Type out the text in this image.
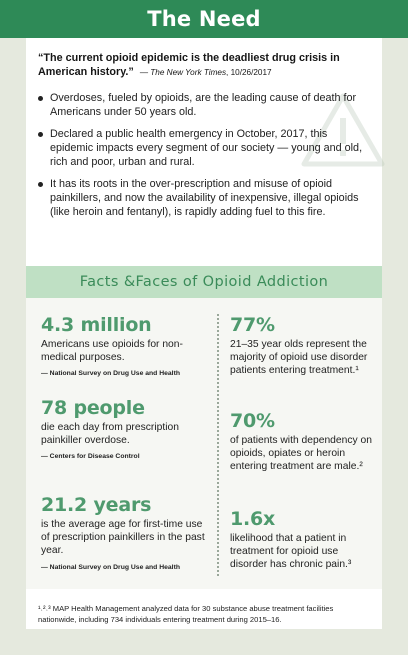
The Need

“The current opioid epidemic is the deadliest drug crisis in American history.” — The New York Times, 10/26/2017

Overdoses, fueled by opioids, are the leading cause of death for Americans under 50 years old.
Declared a public health emergency in October, 2017, this epidemic impacts every segment of our society — young and old, rich and poor, urban and rural.
It has its roots in the over-prescription and misuse of opioid painkillers, and now the availability of inexpensive, illegal opioids (like heroin and fentanyl), is rapidly adding fuel to this fire.
Facts &Faces of Opioid Addiction
4.3 million
Americans use opioids for non-medical purposes.
— National Survey on Drug Use and Health
78 people
die each day from prescription painkiller overdose.
— Centers for Disease Control
21.2 years
is the average age for first-time use of prescription painkillers in the past year.
— National Survey on Drug Use and Health
77%
21–35 year olds represent the majority of opioid use disorder patients entering treatment.¹
70%
of patients with dependency on opioids, opiates or heroin entering treatment are male.²
1.6x
likelihood that a patient in treatment for opioid use disorder has chronic pain.³
¹˒²˒³ MAP Health Management analyzed data for 30 substance abuse treatment facilities nationwide, including 734 individuals entering treatment during 2015–16.
